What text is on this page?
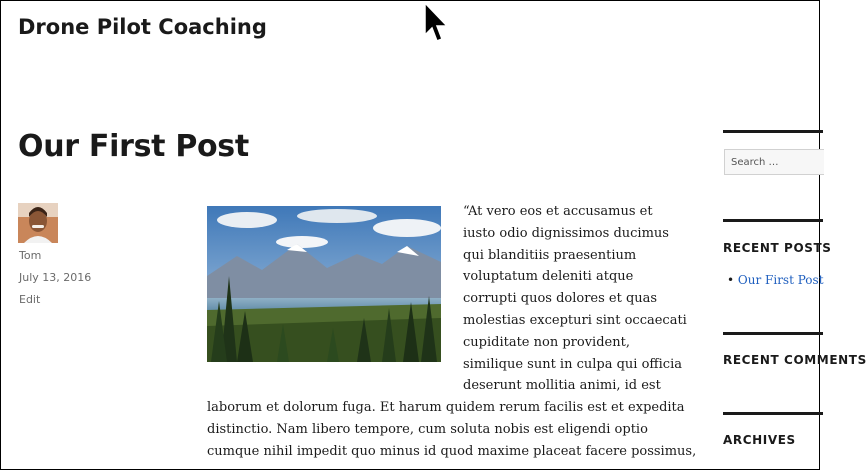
Drone Pilot Coaching
Our First Post
Tom
July 13, 2016
Edit
“At vero eos et accusamus et
iusto odio dignissimos ducimus
qui blanditiis praesentium
voluptatum deleniti atque
corrupti quos dolores et quas
molestias excepturi sint occaecati
cupiditate non provident,
similique sunt in culpa qui officia
deserunt mollitia animi, id est
laborum et dolorum fuga. Et harum quidem rerum facilis est et expedita
distinctio. Nam libero tempore, cum soluta nobis est eligendi optio
cumque nihil impedit quo minus id quod maxime placeat facere possimus,
Search …
RECENT POSTS
• Our First Post
RECENT COMMENTS
ARCHIVES
